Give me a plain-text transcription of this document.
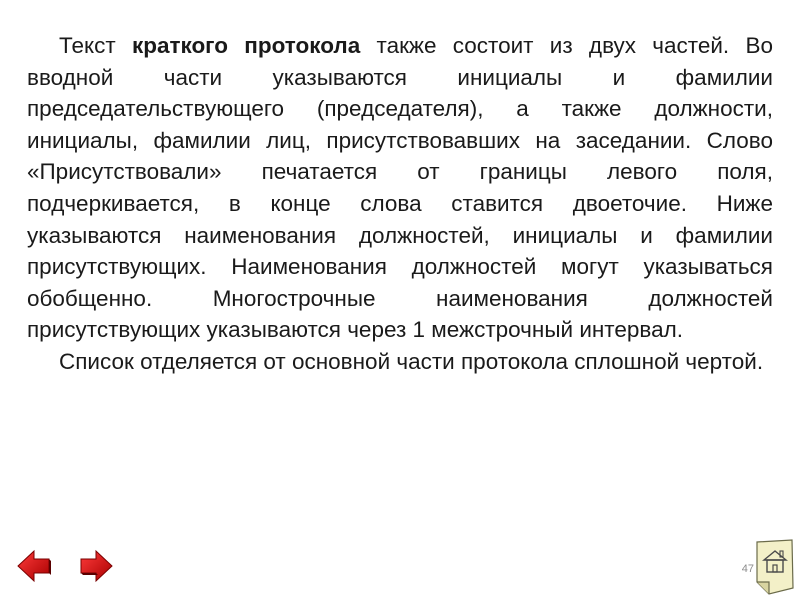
Текст краткого протокола также состоит из двух частей. Во вводной части указываются инициалы и фамилии председательствующего (председателя), а также должности, инициалы, фамилии лиц, присутствовавших на заседании. Слово «Присутствовали» печатается от границы левого поля, подчеркивается, в конце слова ставится двоеточие. Ниже указываются наименования должностей, инициалы и фамилии присутствующих. Наименования должностей могут указываться обобщенно. Многострочные наименования должностей присутствующих указываются через 1 межстрочный интервал.

Список отделяется от основной части протокола сплошной чертой.

47
